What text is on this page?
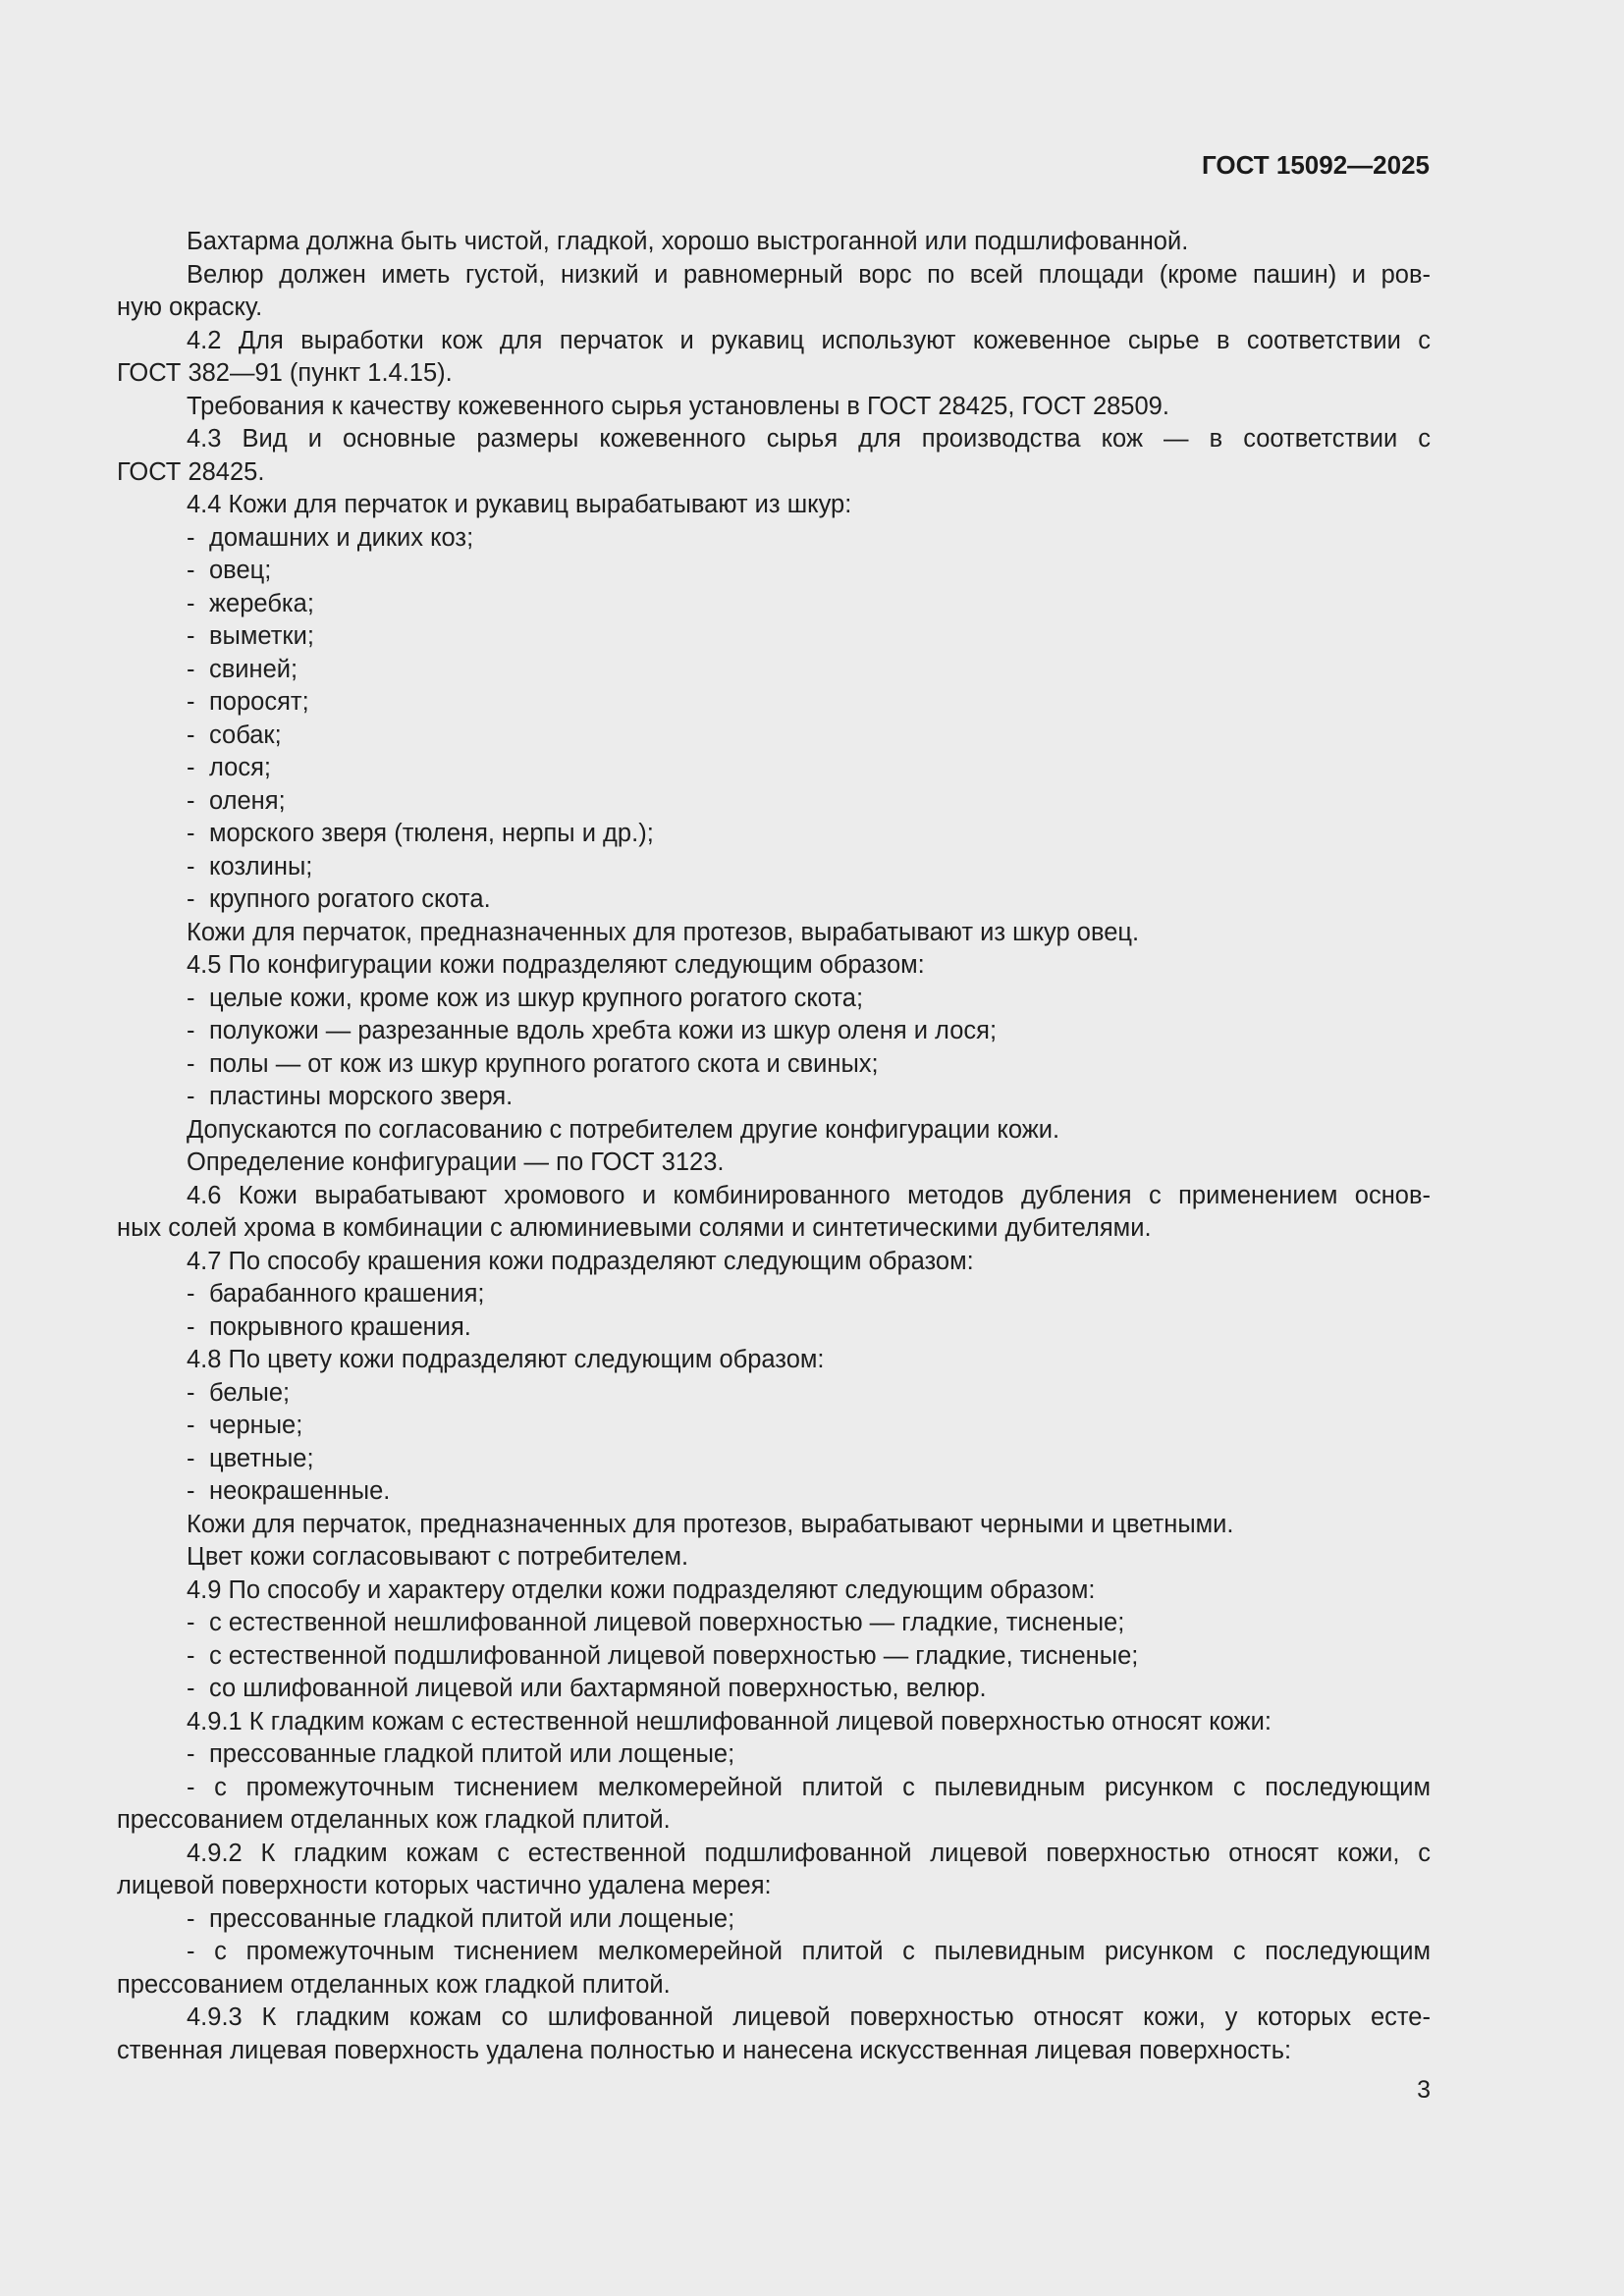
ГОСТ 15092—2025
Бахтарма должна быть чистой, гладкой, хорошо выстроганной или подшлифованной.
Велюр должен иметь густой, низкий и равномерный ворс по всей площади (кроме пашин) и ров-
ную окраску.
4.2 Для выработки кож для перчаток и рукавиц используют кожевенное сырье в соответствии с
ГОСТ 382—91 (пункт 1.4.15).
Требования к качеству кожевенного сырья установлены в ГОСТ 28425, ГОСТ 28509.
4.3 Вид и основные размеры кожевенного сырья для производства кож — в соответствии с
ГОСТ 28425.
4.4 Кожи для перчаток и рукавиц вырабатывают из шкур:
- домашних и диких коз;
- овец;
- жеребка;
- выметки;
- свиней;
- поросят;
- собак;
- лося;
- оленя;
- морского зверя (тюленя, нерпы и др.);
- козлины;
- крупного рогатого скота.
Кожи для перчаток, предназначенных для протезов, вырабатывают из шкур овец.
4.5 По конфигурации кожи подразделяют следующим образом:
- целые кожи, кроме кож из шкур крупного рогатого скота;
- полукожи — разрезанные вдоль хребта кожи из шкур оленя и лося;
- полы — от кож из шкур крупного рогатого скота и свиных;
- пластины морского зверя.
Допускаются по согласованию с потребителем другие конфигурации кожи.
Определение конфигурации — по ГОСТ 3123.
4.6 Кожи вырабатывают хромового и комбинированного методов дубления с применением основ-
ных солей хрома в комбинации с алюминиевыми солями и синтетическими дубителями.
4.7 По способу крашения кожи подразделяют следующим образом:
- барабанного крашения;
- покрывного крашения.
4.8 По цвету кожи подразделяют следующим образом:
- белые;
- черные;
- цветные;
- неокрашенные.
Кожи для перчаток, предназначенных для протезов, вырабатывают черными и цветными.
Цвет кожи согласовывают с потребителем.
4.9 По способу и характеру отделки кожи подразделяют следующим образом:
- с естественной нешлифованной лицевой поверхностью — гладкие, тисненые;
- с естественной подшлифованной лицевой поверхностью — гладкие, тисненые;
- со шлифованной лицевой или бахтармяной поверхностью, велюр.
4.9.1 К гладким кожам с естественной нешлифованной лицевой поверхностью относят кожи:
- прессованные гладкой плитой или лощеные;
- с промежуточным тиснением мелкомерейной плитой с пылевидным рисунком с последующим
прессованием отделанных кож гладкой плитой.
4.9.2 К гладким кожам с естественной подшлифованной лицевой поверхностью относят кожи, с
лицевой поверхности которых частично удалена мерея:
- прессованные гладкой плитой или лощеные;
- с промежуточным тиснением мелкомерейной плитой с пылевидным рисунком с последующим
прессованием отделанных кож гладкой плитой.
4.9.3 К гладким кожам со шлифованной лицевой поверхностью относят кожи, у которых есте-
ственная лицевая поверхность удалена полностью и нанесена искусственная лицевая поверхность:
3
